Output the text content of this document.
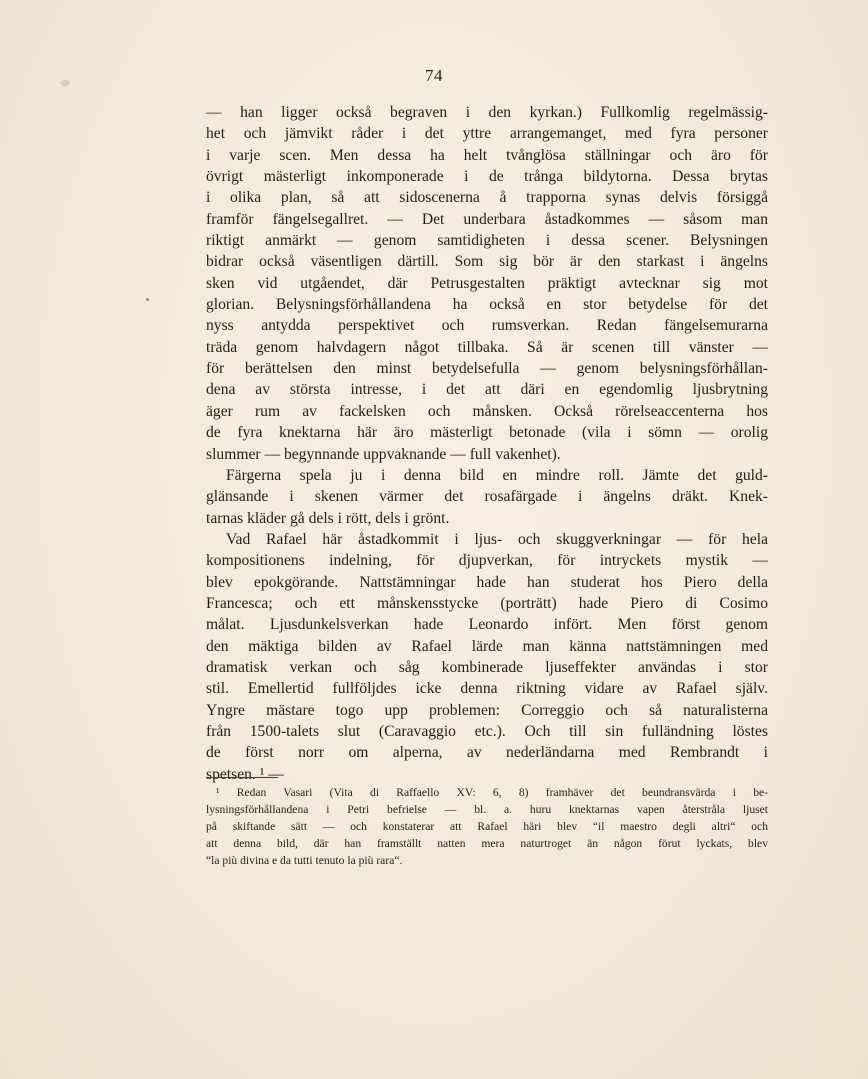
74
— han ligger också begraven i den kyrkan.) Fullkomlig regelmässig-
het och jämvikt råder i det yttre arrangemanget, med fyra personer
i varje scen. Men dessa ha helt tvånglösa ställningar och äro för
övrigt mästerligt inkomponerade i de trånga bildytorna. Dessa brytas
i olika plan, så att sidoscenerna å trapporna synas delvis försiggå
framför fängelsegallret. — Det underbara åstadkommes — såsom man
riktigt anmärkt — genom samtidigheten i dessa scener. Belysningen
bidrar också väsentligen därtill. Som sig bör är den starkast i ängelns
sken vid utgåendet, där Petrusgestalten präktigt avtecknar sig mot
glorian. Belysningsförhållandena ha också en stor betydelse för det
nyss antydda perspektivet och rumsverkan. Redan fängelsemurarna
träda genom halvdagern något tillbaka. Så är scenen till vänster —
för berättelsen den minst betydelsefulla — genom belysningsförhållan-
dena av största intresse, i det att däri en egendomlig ljusbrytning
äger rum av fackelsken och månsken. Också rörelseaccenterna hos
de fyra knektarna här äro mästerligt betonade (vila i sömn — orolig
slummer — begynnande uppvaknande — full vakenhet).
Färgerna spela ju i denna bild en mindre roll. Jämte det guld-
glänsande i skenen värmer det rosafärgade i ängelns dräkt. Knek-
tarnas kläder gå dels i rött, dels i grönt.
Vad Rafael här åstadkommit i ljus- och skuggverkningar — för hela
kompositionens indelning, för djupverkan, för intryckets mystik —
blev epokgörande. Nattstämningar hade han studerat hos Piero della
Francesca; och ett månskensstycke (porträtt) hade Piero di Cosimo
målat. Ljusdunkelsverkan hade Leonardo infört. Men först genom
den mäktiga bilden av Rafael lärde man känna nattstämningen med
dramatisk verkan och såg kombinerade ljuseffekter användas i stor
stil. Emellertid fullföljdes icke denna riktning vidare av Rafael själv.
Yngre mästare togo upp problemen: Correggio och så naturalisterna
från 1500-talets slut (Caravaggio etc.). Och till sin fulländning löstes
de först norr om alperna, av nederländarna med Rembrandt i
spetsen. ¹ —
¹ Redan Vasari (Vita di Raffaello XV: 6, 8) framhäver det beundransvärda i be-
lysningsförhållandena i Petri befrielse — bl. a. huru knektarnas vapen återstråla ljuset
på skiftande sätt — och konstaterar att Rafael häri blev “il maestro degli altri“ och
att denna bild, där han framställt natten mera naturtroget än någon förut lyckats, blev
“la più divina e da tutti tenuto la più rara“.
